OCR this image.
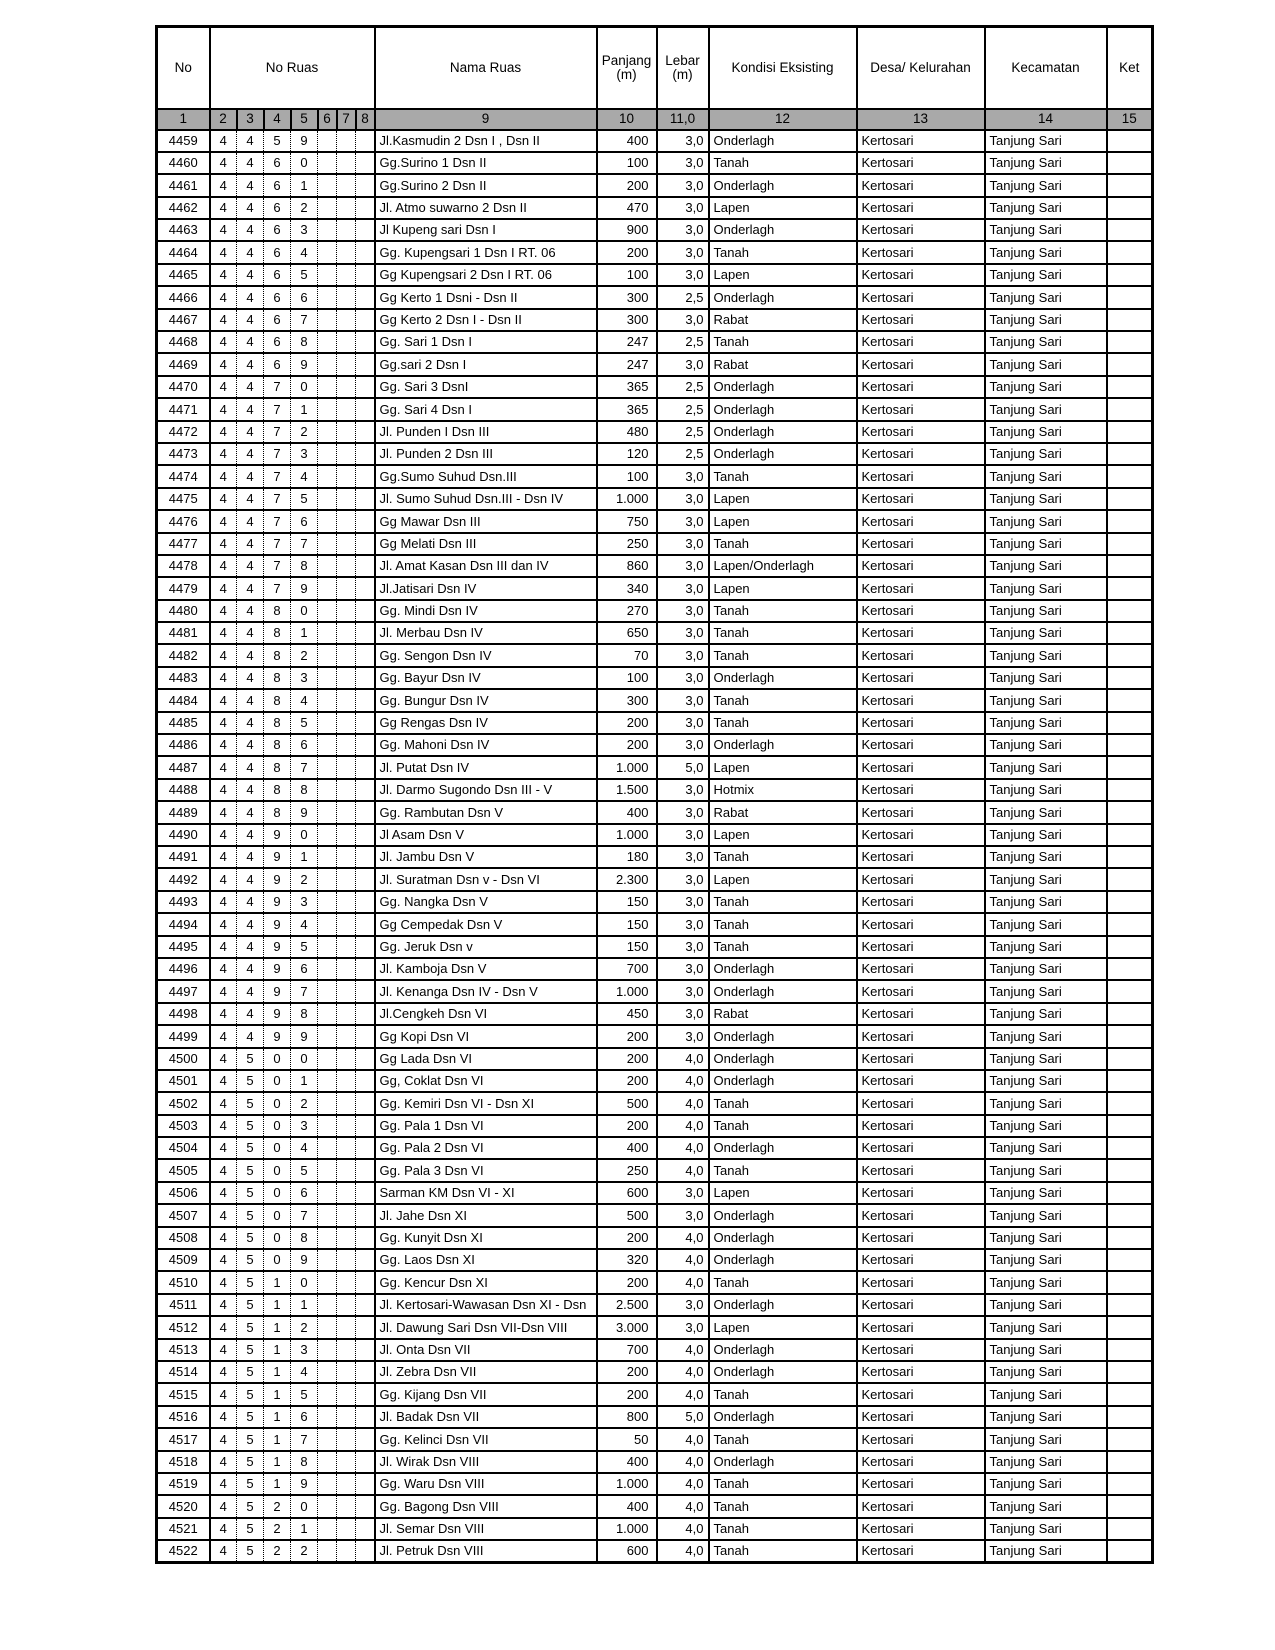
No	No Ruas							Nama Ruas	Panjang
(m)	Lebar
(m)	Kondisi Eksisting	Desa/ Kelurahan	Kecamatan	Ket
1	2	3	4	5	6	7	8	9	10	11,0	12	13	14	15
4459	4	4	5	9				Jl.Kasmudin 2 Dsn I , Dsn II	400	3,0	Onderlagh	Kertosari	Tanjung Sari	
4460	4	4	6	0				Gg.Surino 1 Dsn II	100	3,0	Tanah	Kertosari	Tanjung Sari	
4461	4	4	6	1				Gg.Surino 2 Dsn II	200	3,0	Onderlagh	Kertosari	Tanjung Sari	
4462	4	4	6	2				Jl. Atmo suwarno 2 Dsn II	470	3,0	Lapen	Kertosari	Tanjung Sari	
4463	4	4	6	3				Jl Kupeng sari Dsn I	900	3,0	Onderlagh	Kertosari	Tanjung Sari	
4464	4	4	6	4				Gg. Kupengsari 1 Dsn I RT. 06	200	3,0	Tanah	Kertosari	Tanjung Sari	
4465	4	4	6	5				Gg Kupengsari 2 Dsn I RT. 06	100	3,0	Lapen	Kertosari	Tanjung Sari	
4466	4	4	6	6				Gg Kerto 1 Dsni - Dsn II	300	2,5	Onderlagh	Kertosari	Tanjung Sari	
4467	4	4	6	7				Gg Kerto 2 Dsn I - Dsn II	300	3,0	Rabat	Kertosari	Tanjung Sari	
4468	4	4	6	8				Gg. Sari 1 Dsn I	247	2,5	Tanah	Kertosari	Tanjung Sari	
4469	4	4	6	9				Gg.sari 2 Dsn I	247	3,0	Rabat	Kertosari	Tanjung Sari	
4470	4	4	7	0				Gg. Sari 3 DsnI	365	2,5	Onderlagh	Kertosari	Tanjung Sari	
4471	4	4	7	1				Gg. Sari 4 Dsn I	365	2,5	Onderlagh	Kertosari	Tanjung Sari	
4472	4	4	7	2				Jl. Punden I Dsn III	480	2,5	Onderlagh	Kertosari	Tanjung Sari	
4473	4	4	7	3				Jl. Punden 2 Dsn III	120	2,5	Onderlagh	Kertosari	Tanjung Sari	
4474	4	4	7	4				Gg.Sumo Suhud Dsn.III	100	3,0	Tanah	Kertosari	Tanjung Sari	
4475	4	4	7	5				Jl. Sumo Suhud Dsn.III - Dsn IV	1.000	3,0	Lapen	Kertosari	Tanjung Sari	
4476	4	4	7	6				Gg Mawar Dsn III	750	3,0	Lapen	Kertosari	Tanjung Sari	
4477	4	4	7	7				Gg Melati Dsn III	250	3,0	Tanah	Kertosari	Tanjung Sari	
4478	4	4	7	8				Jl. Amat Kasan Dsn III dan IV	860	3,0	Lapen/Onderlagh	Kertosari	Tanjung Sari	
4479	4	4	7	9				Jl.Jatisari Dsn IV	340	3,0	Lapen	Kertosari	Tanjung Sari	
4480	4	4	8	0				Gg. Mindi Dsn IV	270	3,0	Tanah	Kertosari	Tanjung Sari	
4481	4	4	8	1				Jl. Merbau Dsn IV	650	3,0	Tanah	Kertosari	Tanjung Sari	
4482	4	4	8	2				Gg. Sengon Dsn IV	70	3,0	Tanah	Kertosari	Tanjung Sari	
4483	4	4	8	3				Gg. Bayur Dsn IV	100	3,0	Onderlagh	Kertosari	Tanjung Sari	
4484	4	4	8	4				Gg. Bungur Dsn IV	300	3,0	Tanah	Kertosari	Tanjung Sari	
4485	4	4	8	5				Gg Rengas Dsn IV	200	3,0	Tanah	Kertosari	Tanjung Sari	
4486	4	4	8	6				Gg. Mahoni Dsn IV	200	3,0	Onderlagh	Kertosari	Tanjung Sari	
4487	4	4	8	7				Jl. Putat Dsn IV	1.000	5,0	Lapen	Kertosari	Tanjung Sari	
4488	4	4	8	8				Jl. Darmo Sugondo Dsn III - V	1.500	3,0	Hotmix	Kertosari	Tanjung Sari	
4489	4	4	8	9				Gg. Rambutan Dsn V	400	3,0	Rabat	Kertosari	Tanjung Sari	
4490	4	4	9	0				Jl Asam Dsn V	1.000	3,0	Lapen	Kertosari	Tanjung Sari	
4491	4	4	9	1				Jl. Jambu Dsn V	180	3,0	Tanah	Kertosari	Tanjung Sari	
4492	4	4	9	2				Jl. Suratman Dsn v - Dsn VI	2.300	3,0	Lapen	Kertosari	Tanjung Sari	
4493	4	4	9	3				Gg. Nangka Dsn V	150	3,0	Tanah	Kertosari	Tanjung Sari	
4494	4	4	9	4				Gg Cempedak Dsn V	150	3,0	Tanah	Kertosari	Tanjung Sari	
4495	4	4	9	5				Gg. Jeruk Dsn v	150	3,0	Tanah	Kertosari	Tanjung Sari	
4496	4	4	9	6				Jl. Kamboja Dsn V	700	3,0	Onderlagh	Kertosari	Tanjung Sari	
4497	4	4	9	7				Jl. Kenanga Dsn IV - Dsn V	1.000	3,0	Onderlagh	Kertosari	Tanjung Sari	
4498	4	4	9	8				Jl.Cengkeh Dsn VI	450	3,0	Rabat	Kertosari	Tanjung Sari	
4499	4	4	9	9				Gg Kopi Dsn VI	200	3,0	Onderlagh	Kertosari	Tanjung Sari	
4500	4	5	0	0				Gg Lada Dsn VI	200	4,0	Onderlagh	Kertosari	Tanjung Sari	
4501	4	5	0	1				Gg, Coklat Dsn VI	200	4,0	Onderlagh	Kertosari	Tanjung Sari	
4502	4	5	0	2				Gg. Kemiri Dsn VI - Dsn XI	500	4,0	Tanah	Kertosari	Tanjung Sari	
4503	4	5	0	3				Gg. Pala 1 Dsn VI	200	4,0	Tanah	Kertosari	Tanjung Sari	
4504	4	5	0	4				Gg. Pala 2 Dsn VI	400	4,0	Onderlagh	Kertosari	Tanjung Sari	
4505	4	5	0	5				Gg. Pala 3 Dsn VI	250	4,0	Tanah	Kertosari	Tanjung Sari	
4506	4	5	0	6				Sarman KM Dsn VI - XI	600	3,0	Lapen	Kertosari	Tanjung Sari	
4507	4	5	0	7				Jl. Jahe Dsn XI	500	3,0	Onderlagh	Kertosari	Tanjung Sari	
4508	4	5	0	8				Gg. Kunyit Dsn XI	200	4,0	Onderlagh	Kertosari	Tanjung Sari	
4509	4	5	0	9				Gg. Laos Dsn XI	320	4,0	Onderlagh	Kertosari	Tanjung Sari	
4510	4	5	1	0				Gg. Kencur Dsn XI	200	4,0	Tanah	Kertosari	Tanjung Sari	
4511	4	5	1	1				Jl. Kertosari-Wawasan Dsn XI - Dsn	2.500	3,0	Onderlagh	Kertosari	Tanjung Sari	
4512	4	5	1	2				Jl. Dawung Sari Dsn VII-Dsn VIII	3.000	3,0	Lapen	Kertosari	Tanjung Sari	
4513	4	5	1	3				Jl. Onta Dsn VII	700	4,0	Onderlagh	Kertosari	Tanjung Sari	
4514	4	5	1	4				Jl. Zebra Dsn VII	200	4,0	Onderlagh	Kertosari	Tanjung Sari	
4515	4	5	1	5				Gg. Kijang Dsn VII	200	4,0	Tanah	Kertosari	Tanjung Sari	
4516	4	5	1	6				Jl. Badak Dsn VII	800	5,0	Onderlagh	Kertosari	Tanjung Sari	
4517	4	5	1	7				Gg. Kelinci Dsn VII	50	4,0	Tanah	Kertosari	Tanjung Sari	
4518	4	5	1	8				Jl. Wirak Dsn VIII	400	4,0	Onderlagh	Kertosari	Tanjung Sari	
4519	4	5	1	9				Gg. Waru Dsn VIII	1.000	4,0	Tanah	Kertosari	Tanjung Sari	
4520	4	5	2	0				Gg. Bagong Dsn VIII	400	4,0	Tanah	Kertosari	Tanjung Sari	
4521	4	5	2	1				Jl. Semar Dsn VIII	1.000	4,0	Tanah	Kertosari	Tanjung Sari	
4522	4	5	2	2				Jl. Petruk Dsn VIII	600	4,0	Tanah	Kertosari	Tanjung Sari	
